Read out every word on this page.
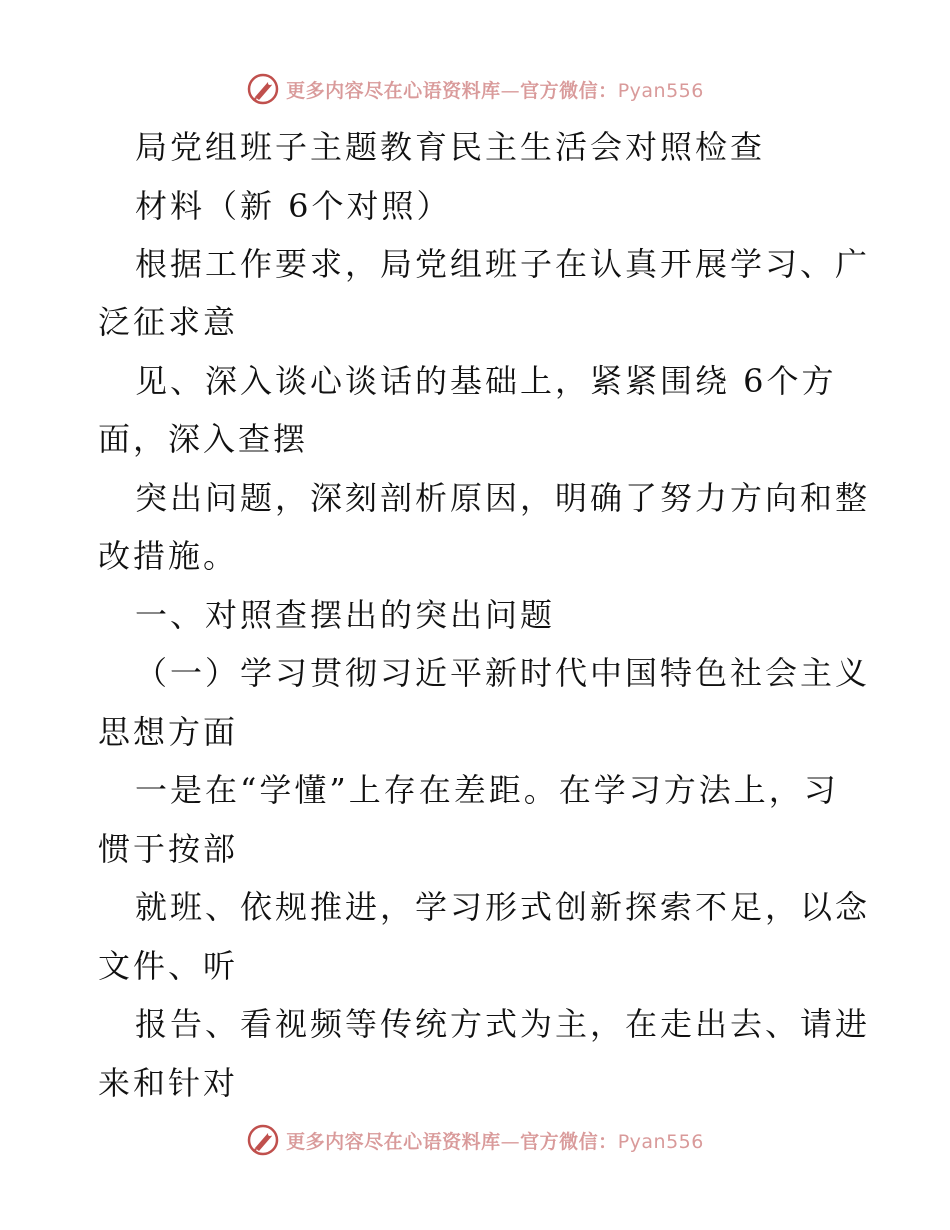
更多内容尽在心语资料库—官方微信：Pyan556

局党组班子主题教育民主生活会对照检查

材料（新 6个对照）

根据工作要求，局党组班子在认真开展学习、广

泛征求意

见、深入谈心谈话的基础上，紧紧围绕 6个方

面，深入查摆

突出问题，深刻剖析原因，明确了努力方向和整

改措施。

一、对照查摆出的突出问题

（一）学习贯彻习近平新时代中国特色社会主义

思想方面

一是在“学懂”上存在差距。在学习方法上，习

惯于按部

就班、依规推进，学习形式创新探索不足，以念

文件、听

报告、看视频等传统方式为主，在走出去、请进

来和针对

更多内容尽在心语资料库—官方微信：Pyan556
